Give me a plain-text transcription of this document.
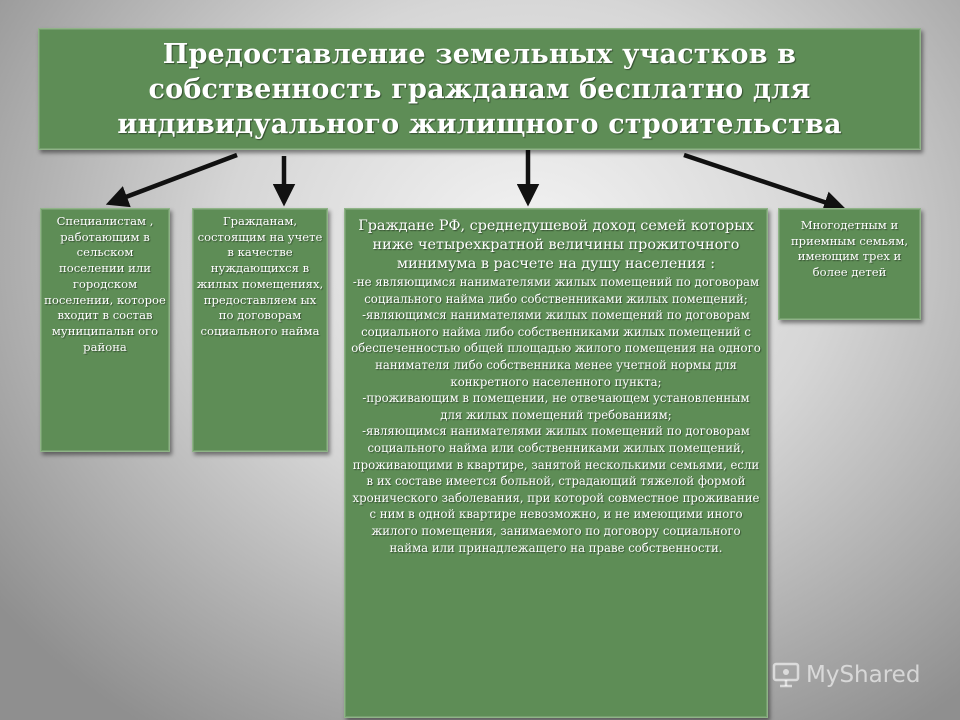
Предоставление земельных участков в собственность гражданам бесплатно для индивидуального жилищного строительства
Специалистам , работающим в сельском поселении или городском поселении, которое входит в состав муниципальн ого района
Гражданам, состоящим на учете в качестве нуждающихся в жилых помещениях, предоставляем ых по договорам социального найма
Граждане РФ, среднедушевой доход семей которых ниже четырехкратной величины прожиточного минимума в расчете на душу населения :
-не являющимся нанимателями жилых помещений по договорам социального найма либо собственниками жилых помещений;
-являющимся нанимателями жилых помещений по договорам социального найма либо собственниками жилых помещений с обеспеченностью общей площадью жилого помещения на одного нанимателя либо собственника менее учетной нормы для конкретного населенного пункта;
-проживающим в помещении, не отвечающем установленным для жилых помещений требованиям;
-являющимся нанимателями жилых помещений по договорам социального найма или собственниками жилых помещений, проживающими в квартире, занятой несколькими семьями, если в их составе имеется больной, страдающий тяжелой формой хронического заболевания, при которой совместное проживание с ним в одной квартире невозможно, и не имеющими иного жилого помещения, занимаемого по договору социального найма или принадлежащего на праве собственности.
Многодетным и приемным семьям, имеющим трех и более детей
MyShared
